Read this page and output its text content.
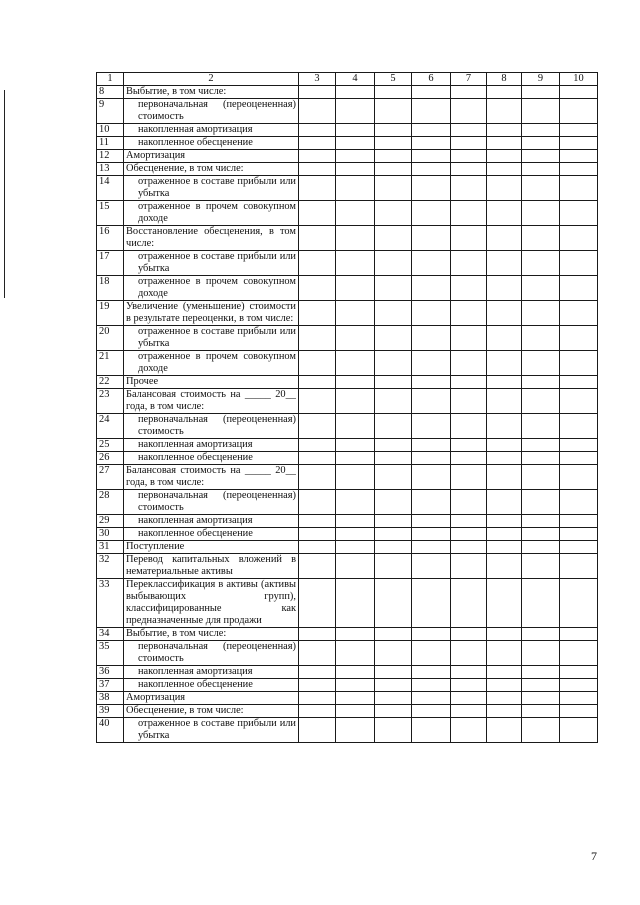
1	2	3	4	5	6	7	8	9	10
8	Выбытие, в том числе:								
9	первоначальная (переоцененная) стоимость								
10	накопленная амортизация								
11	накопленное обесценение								
12	Амортизация								
13	Обесценение, в том числе:								
14	отраженное в составе прибыли или убытка								
15	отраженное в прочем совокупном доходе								
16	Восстановление обесценения, в том числе:								
17	отраженное в составе прибыли или убытка								
18	отраженное в прочем совокупном доходе								
19	Увеличение (уменьшение) стоимости в результате переоценки, в том числе:								
20	отраженное в составе прибыли или убытка								
21	отраженное в прочем совокупном доходе								
22	Прочее								
23	Балансовая стоимость на _____ 20__ года, в том числе:								
24	первоначальная (переоцененная) стоимость								
25	накопленная амортизация								
26	накопленное обесценение								
27	Балансовая стоимость на _____ 20__ года, в том числе:								
28	первоначальная (переоцененная) стоимость								
29	накопленная амортизация								
30	накопленное обесценение								
31	Поступление								
32	Перевод капитальных вложений в нематериальные активы								
33	Переклассификация в активы (активы выбывающих групп), классифицированные как предназначенные для продажи								
34	Выбытие, в том числе:								
35	первоначальная (переоцененная) стоимость								
36	накопленная амортизация								
37	накопленное обесценение								
38	Амортизация								
39	Обесценение, в том числе:								
40	отраженное в составе прибыли или убытка								
7
